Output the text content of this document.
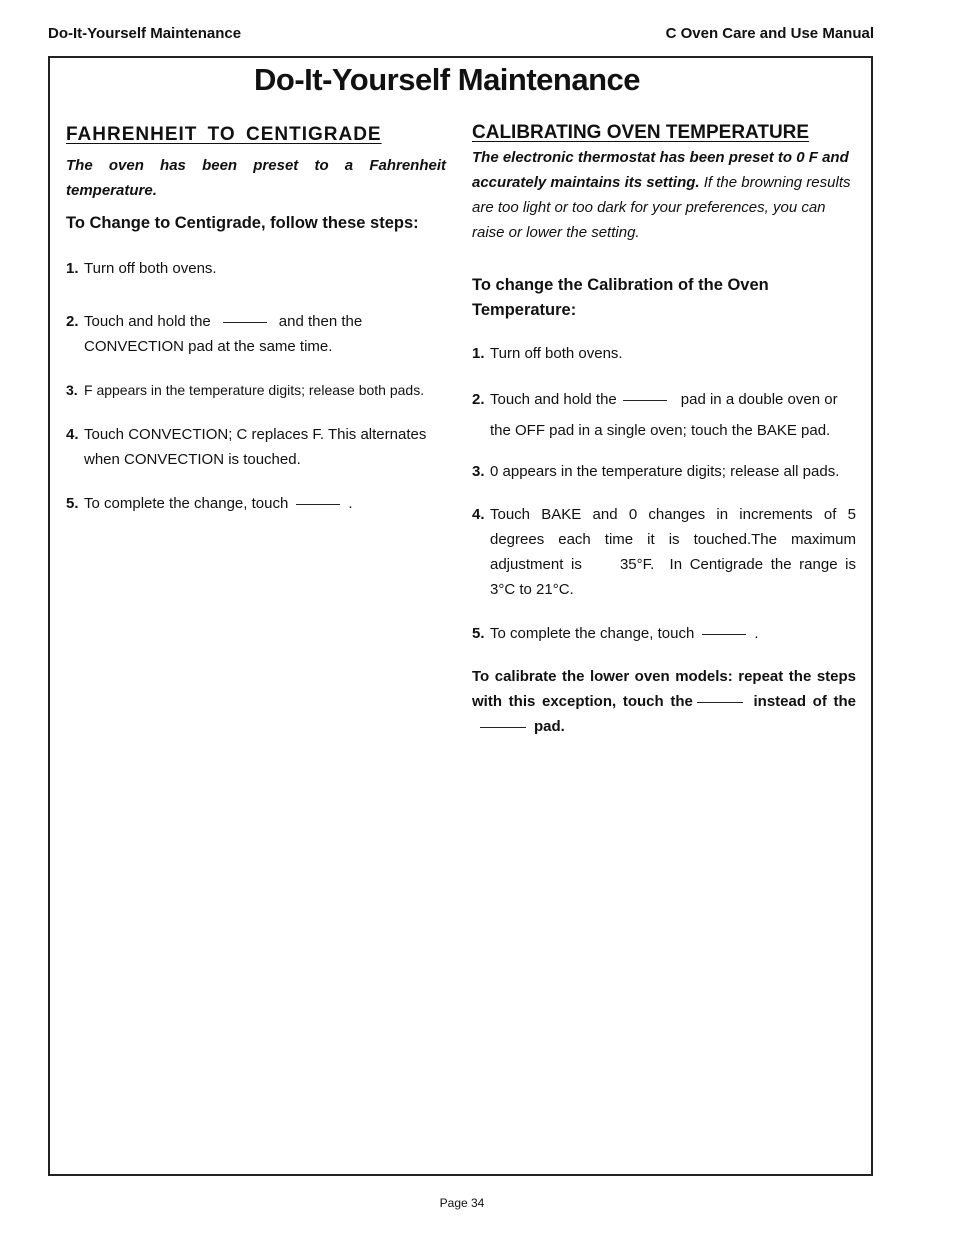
Do-It-Yourself Maintenance	C Oven Care and Use Manual
Do-It-Yourself Maintenance

FAHRENHEIT TO CENTIGRADE

The oven has been preset to a Fahrenheit temperature.

To Change to Centigrade, follow these steps:

1. Turn off both ovens.

2. Touch and hold the	and then the CONVECTION pad at the same time.

3. F appears in the temperature digits; release both pads.

4. Touch CONVECTION; C replaces F. This alternates when CONVECTION is touched.

5. To complete the change, touch	.

CALIBRATING OVEN TEMPERATURE

The electronic thermostat has been preset to 0 F and accurately maintains its setting. If the browning results are too light or too dark for your preferences, you can raise or lower the setting.

To change the Calibration of the Oven Temperature:

1. Turn off both ovens.

2. Touch and hold the	pad in a double oven or the OFF pad in a single oven; touch the BAKE pad.

3. 0 appears in the temperature digits; release all pads.

4. Touch BAKE and 0 changes in increments of 5 degrees each time it is touched.The maximum adjustment is     35°F.  In Centigrade the range is    3°C to 21°C.

5. To complete the change, touch	.

To calibrate the lower oven models: repeat the steps with this exception, touch the	instead of thepad.

Page 34
